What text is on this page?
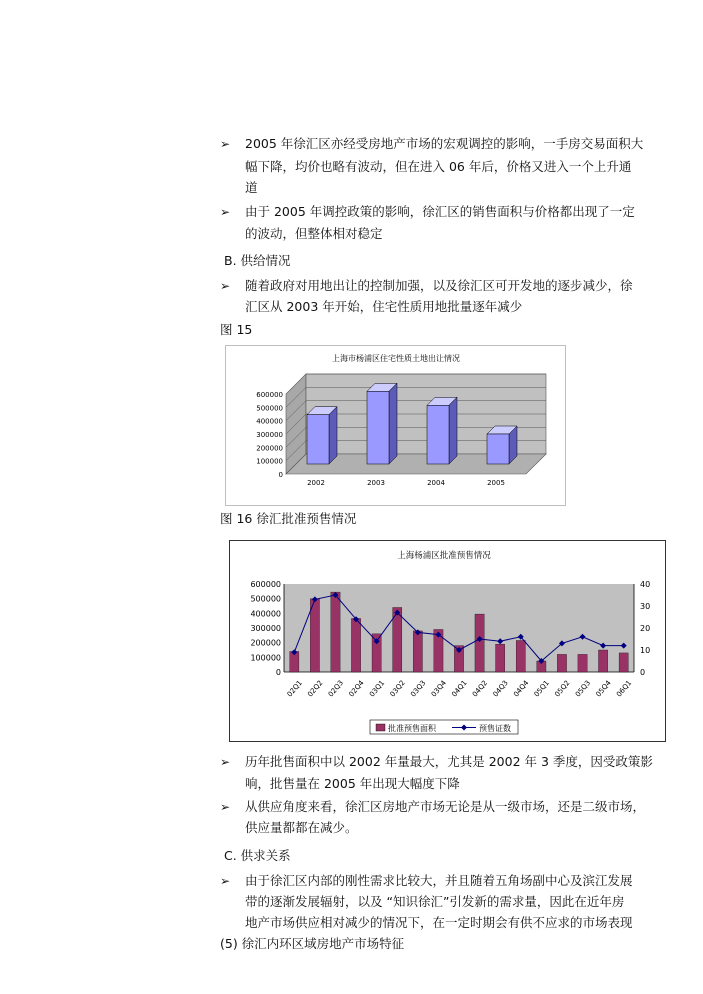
➢ 2005 年徐汇区亦经受房地产市场的宏观调控的影响，一手房交易面积大
幅下降，均价也略有波动，但在进入 06 年后，价格又进入一个上升通
道
➢ 由于 2005 年调控政策的影响，徐汇区的销售面积与价格都出现了一定
的波动，但整体相对稳定
B. 供给情况
➢ 随着政府对用地出让的控制加强，以及徐汇区可开发地的逐步减少，徐
汇区从 2003 年开始，住宅性质用地批量逐年减少
图 15
上海市杨浦区住宅性质土地出让情况
600000
500000
400000
300000
200000
100000
0
2002	2003	2004	2005
图 16 徐汇批准预售情况
上海杨浦区批准预售情况
600000
500000
400000
300000
200000
100000
0
40
30
20
10
0
02Q1 02Q2 02Q3 02Q4 03Q1 03Q2 03Q3 03Q4 04Q1 04Q2 04Q3 04Q4 05Q1 05Q2 05Q3 05Q4 06Q1
批准预售面积	预售证数
➢ 历年批售面积中以 2002 年量最大，尤其是 2002 年 3 季度，因受政策影
响，批售量在 2005 年出现大幅度下降
➢ 从供应角度来看，徐汇区房地产市场无论是从一级市场，还是二级市场，
供应量都都在减少。
C. 供求关系
➢ 由于徐汇区内部的刚性需求比较大，并且随着五角场副中心及滨江发展
带的逐渐发展辐射，以及 “知识徐汇”引发新的需求量，因此在近年房
地产市场供应相对减少的情况下，在一定时期会有供不应求的市场表现
(5) 徐汇内环区域房地产市场特征
